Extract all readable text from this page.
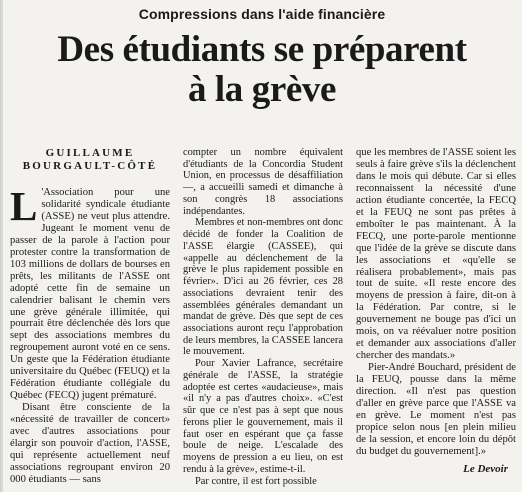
Compressions dans l'aide financière
Des étudiants se préparent
à la grève
GUILLAUME
BOURGAULT-CÔTÉ

L 'Association pour une solidarité syndicale étudiante (ASSE) ne veut plus attendre. Jugeant le moment venu de passer de la parole à l'action pour protester contre la transformation de 103 millions de dollars de bourses en prêts, les militants de l'ASSE ont adopté cette fin de semaine un calendrier balisant le chemin vers une grève générale illimitée, qui pourrait être déclenchée dès lors que sept des associations membres du regroupement auront voté en ce sens. Un geste que la Fédération étudiante universitaire du Québec (FEUQ) et la Fédération étudiante collégiale du Québec (FECQ) jugent prématuré.

Disant être consciente de la «nécessité de travailler de concert» avec d'autres associations pour élargir son pouvoir d'action, l'ASSE, qui représente actuellement neuf associations regroupant environ 20 000 étudiants — sans

compter un nombre équivalent d'étudiants de la Concordia Student Union, en processus de désaffiliation —, a accueilli samedi et dimanche à son congrès 18 associations indépendantes.

Membres et non-membres ont donc décidé de fonder la Coalition de l'ASSE élargie (CASSEE), qui «appelle au déclenchement de la grève le plus rapidement possible en février». D'ici au 26 février, ces 28 associations devraient tenir des assemblées générales demandant un mandat de grève. Dès que sept de ces associations auront reçu l'approbation de leurs membres, la CASSEE lancera le mouvement.

Pour Xavier Lafrance, secrétaire générale de l'ASSE, la stratégie adoptée est certes «audacieuse», mais «il n'y a pas d'autres choix». «C'est sûr que ce n'est pas à sept que nous ferons plier le gouvernement, mais il faut oser en espérant que ça fasse boule de neige. L'escalade des moyens de pression a eu lieu, on est rendu à la grève», estime-t-il.

Par contre, il est fort possible

que les membres de l'ASSE soient les seuls à faire grève s'ils la déclenchent dans le mois qui débute. Car si elles reconnaissent la nécessité d'une action étudiante concertée, la FECQ et la FEUQ ne sont pas prêtes à emboîter le pas maintenant. À la FECQ, une porte-parole mentionne que l'idée de la grève se discute dans les associations et «qu'elle se réalisera probablement», mais pas tout de suite. «Il reste encore des moyens de pression à faire, dit-on à la Fédération. Par contre, si le gouvernement ne bouge pas d'ici un mois, on va réévaluer notre position et demander aux associations d'aller chercher des mandats.»

Pier-André Bouchard, président de la FEUQ, pousse dans la même direction. «Il n'est pas question d'aller en grève parce que l'ASSE va en grève. Le moment n'est pas propice selon nous [en plein milieu de la session, et encore loin du dépôt du budget du gouvernement].»

Le Devoir
